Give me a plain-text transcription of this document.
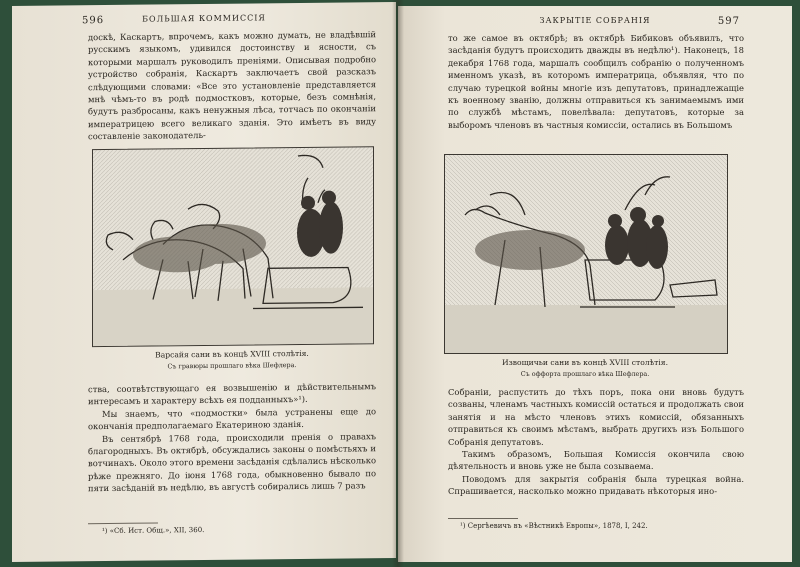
596	БОЛЬШАЯ КОММИССІЯ

доскѣ, Каскартъ, впрочемъ, какъ можно думать, не владѣвшій русскимъ языкомъ, удивился достоинству и ясности, съ которыми маршалъ руководилъ преніями. Описывая подробно устройство собранія, Каскартъ заключаетъ свой разсказъ слѣдующими словами: «Все это установленіе представляется мнѣ чѣмъ-то въ родѣ подмостковъ, которые, безъ сомнѣнія, будутъ разбросаны, какъ ненужныя лѣса, тотчасъ по окончаніи императрицею всего великаго зданія. Это имѣетъ въ виду составленіе законодатель-

Варсайя сани въ концѣ XVIII столѣтія.
Съ гравюры прошлаго вѣка Шефлера.

ства, соотвѣтствующаго ея возвышенію и дѣйствительнымъ интересамъ и характеру всѣхъ ея подданныхъ»¹).

Мы знаемъ, что «подмостки» была устранены еще до окончанія предполагаемаго Екатериною зданія.

Въ сентябрѣ 1768 года, происходили пренія о правахъ благородныхъ. Въ октябрѣ, обсуждались законы о помѣстьяхъ и вотчинахъ. Около этого времени засѣданія сдѣлались нѣсколько рѣже прежняго. До іюня 1768 года, обыкновенно бывало по пяти засѣданій въ недѣлю, въ августѣ собирались лишь 7 разъ

¹) «Сб. Ист. Общ.», XII, 360.
ЗАКРЫТІЕ СОБРАНІЯ	597

то же самое въ октябрѣ; въ октябрѣ Бибиковъ объявилъ, что засѣданія будутъ происходить дважды въ недѣлю¹). Наконецъ, 18 декабря 1768 года, маршалъ сообщилъ собранію о полученномъ именномъ указѣ, въ которомъ императрица, объявляя, что по случаю турецкой войны многіе изъ депутатовъ, принадлежащіе къ военному званію, должны отправиться къ занимаемымъ ими по службѣ мѣстамъ, повелѣвала: депутатовъ, которые за выборомъ членовъ въ частныя комиссіи, остались въ Большомъ

Извощичьи сани въ концѣ XVIII столѣтія.
Съ оффорта прошлаго вѣка Шефлера.

Собраніи, распустить до тѣхъ поръ, пока они вновь будутъ созваны, членамъ частныхъ комиссій остаться и продолжать свои занятія и на мѣсто членовъ этихъ комиссій, обязанныхъ отправиться къ своимъ мѣстамъ, выбрать другихъ изъ Большого Собранія депутатовъ.

Такимъ образомъ, Большая Комиссія окончила свою дѣятельность и вновь уже не была созываема.

Поводомъ для закрытія собранія была турецкая война. Спрашивается, насколько можно придавать нѣкоторыя ино-

¹) Сергѣевичъ въ «Вѣстникѣ Европы», 1878, I, 242.
